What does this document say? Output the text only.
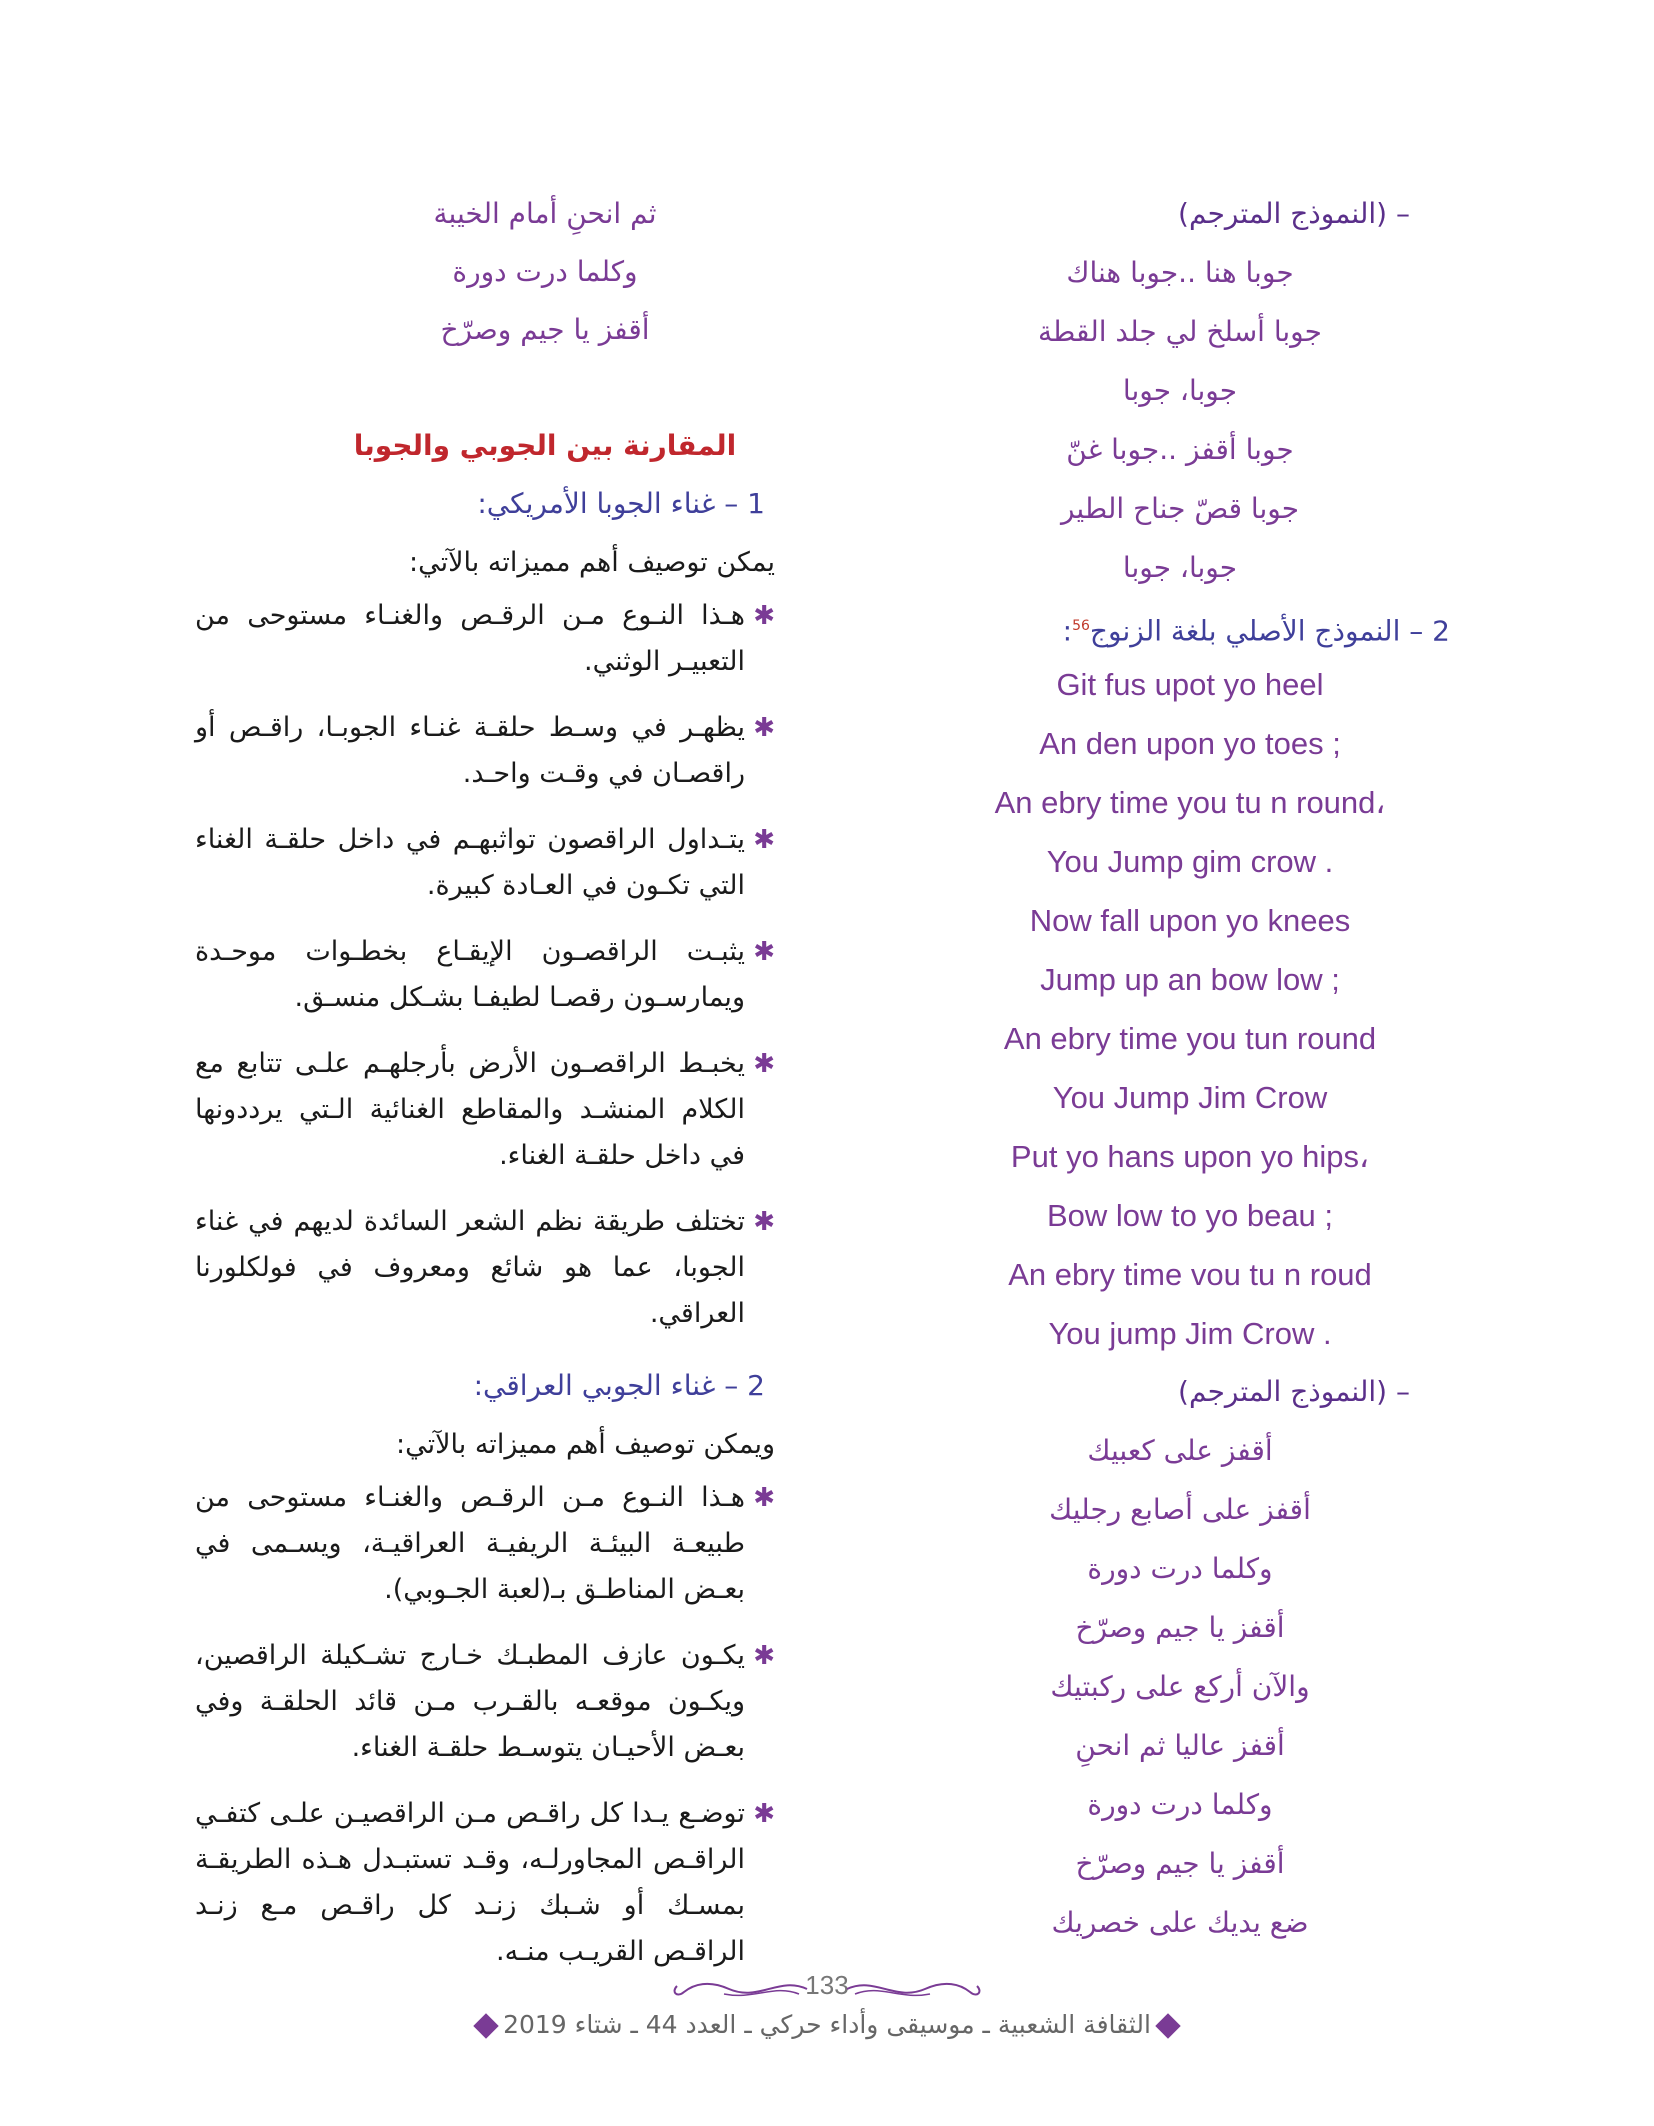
– (النموذج المترجم)
جوبا هنا ..جوبا هناك
جوبا أسلخ لي جلد القطة
جوبا، جوبا
جوبا أقفز ..جوبا غنّ
جوبا قصّ جناح الطير
جوبا، جوبا
2 – النموذج الأصلي بلغة الزنوج$^{56}$:
Git fus upot yo heel
An den upon yo toes ;
An ebry time you tu n round،
You Jump gim crow .
Now fall upon yo knees
Jump up an bow low ;
An ebry time you tun round
You Jump Jim Crow
Put yo hans upon yo hips،
Bow low to yo beau ;
An ebry time vou tu n roud
You jump Jim Crow .
– (النموذج المترجم)
أقفز على كعبيك
أقفز على أصابع رجليك
وكلما درت دورة
أقفز يا جيم وصرّخ
والآن أركع على ركبتيك
أقفز عاليا ثم انحنِ
وكلما درت دورة
أقفز يا جيم وصرّخ
ضع يديك على خصريك
ثم انحنِ أمام الخيبة
وكلما درت دورة
أقفز يا جيم وصرّخ
المقارنة بين الجوبي والجوبا
1 – غناء الجوبا الأمريكي:
يمكن توصيف أهم مميزاته بالآتي:
✱
هـذا النـوع مـن الرقـص والغنـاء مستوحى من التعبيـر الوثني.
✱
يظهـر في وسـط حلقـة غنـاء الجوبـا، راقـص أو راقصـان في وقـت واحـد.
✱
يتـداول الراقصون تواثبهـم في داخل حلقـة الغناء التي تكـون في العـادة كبيرة.
✱
يثبـت الراقصـون الإيقـاع بخطـوات موحـدة ويمارسـون رقصـا لطيفـا بشـكل منسـق.
✱
يخبـط الراقصـون الأرض بأرجلهـم علـى تتابع مع الكلام المنشـد والمقاطع الغنائية الـتي يرددونها في داخل حلقـة الغناء.
✱
تختلف طريقة نظم الشعر السائدة لديهم في غناء الجوبا، عما هو شائع ومعروف في فولكلورنا العراقي.
2 – غناء الجوبي العراقي:
ويمكن توصيف أهم مميزاته بالآتي:
✱
هـذا النـوع مـن الرقـص والغنـاء مستوحى من طبيعـة البيئـة الريفيـة العراقيـة، ويسـمى في بعـض المناطـق بـ(لعبة الجـوبي).
✱
يكـون عازف المطبـك خـارج تشـكيلة الراقصين، ويكـون موقعـه بالقـرب مـن قائد الحلقـة وفي بعـض الأحيـان يتوسـط حلقـة الغناء.
✱
توضـع يـدا كل راقـص مـن الراقصيـن علـى كتفـي الراقـص المجاورلـه، وقـد تستبـدل هـذه الطريقـة بمسـك أو شـبك زنـد كل راقـص مـع زنـد الراقـص القريـب منـه.
133
الثقافة الشعبية ـ موسيقى وأداء حركي ـ العدد 44 ـ شتاء 2019
